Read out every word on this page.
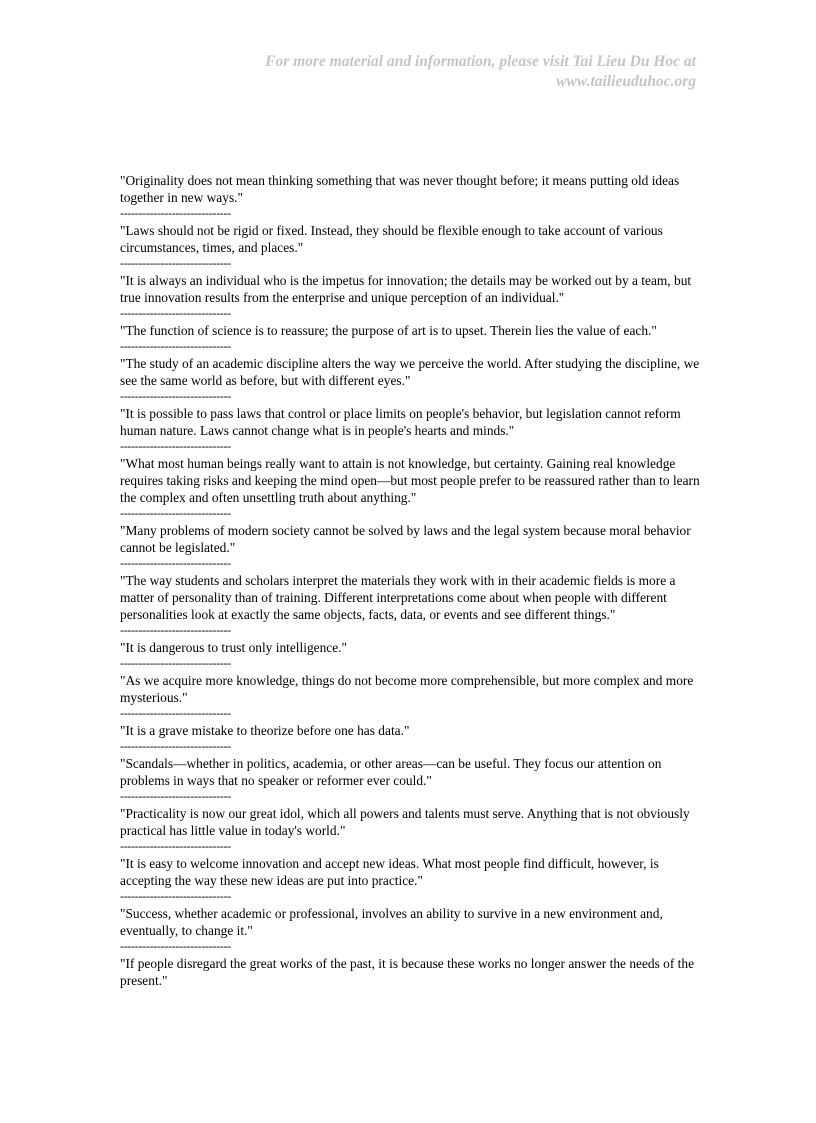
For more material and information, please visit Tai Lieu Du Hoc at
www.tailieuduhoc.org

"Originality does not mean thinking something that was never thought before; it means putting old ideas together in new ways."

------------------------------

"Laws should not be rigid or fixed. Instead, they should be flexible enough to take account of various circumstances, times, and places."

------------------------------

"It is always an individual who is the impetus for innovation; the details may be worked out by a team, but true innovation results from the enterprise and unique perception of an individual."

------------------------------

"The function of science is to reassure; the purpose of art is to upset. Therein lies the value of each."

------------------------------

"The study of an academic discipline alters the way we perceive the world. After studying the discipline, we see the same world as before, but with different eyes."

------------------------------

"It is possible to pass laws that control or place limits on people's behavior, but legislation cannot reform human nature. Laws cannot change what is in people's hearts and minds."

------------------------------

"What most human beings really want to attain is not knowledge, but certainty. Gaining real knowledge requires taking risks and keeping the mind open—but most people prefer to be reassured rather than to learn the complex and often unsettling truth about anything."

------------------------------

"Many problems of modern society cannot be solved by laws and the legal system because moral behavior cannot be legislated."

------------------------------

"The way students and scholars interpret the materials they work with in their academic fields is more a matter of personality than of training. Different interpretations come about when people with different personalities look at exactly the same objects, facts, data, or events and see different things."

------------------------------

"It is dangerous to trust only intelligence."

------------------------------

"As we acquire more knowledge, things do not become more comprehensible, but more complex and more mysterious."

------------------------------

"It is a grave mistake to theorize before one has data."

------------------------------

"Scandals—whether in politics, academia, or other areas—can be useful. They focus our attention on problems in ways that no speaker or reformer ever could."

------------------------------

"Practicality is now our great idol, which all powers and talents must serve. Anything that is not obviously practical has little value in today's world."

------------------------------

"It is easy to welcome innovation and accept new ideas. What most people find difficult, however, is accepting the way these new ideas are put into practice."

------------------------------

"Success, whether academic or professional, involves an ability to survive in a new environment and, eventually, to change it."

------------------------------

"If people disregard the great works of the past, it is because these works no longer answer the needs of the present."
